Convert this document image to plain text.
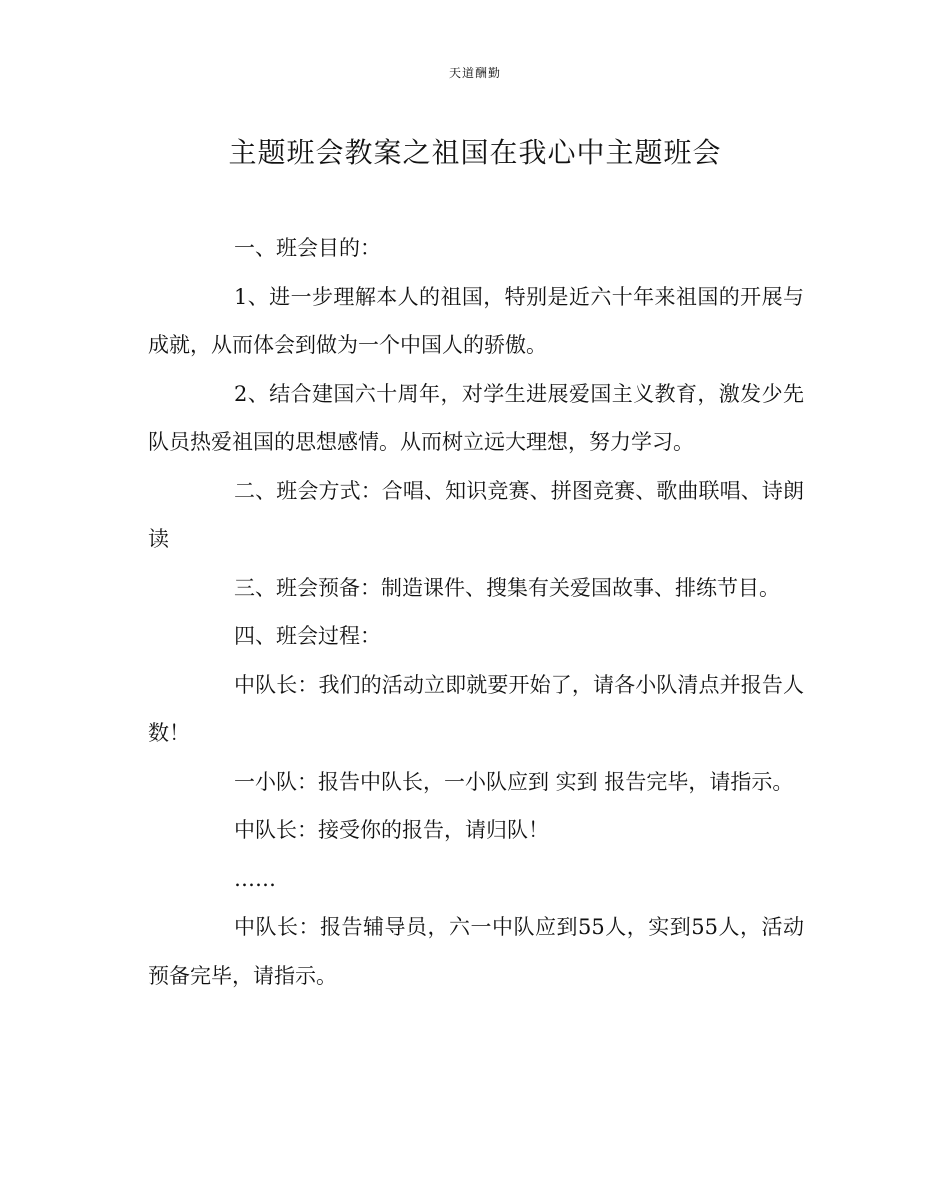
天道酬勤
主题班会教案之祖国在我心中主题班会

一、班会目的：

1、进一步理解本人的祖国，特别是近六十年来祖国的开展与成就，从而体会到做为一个中国人的骄傲。

2、结合建国六十周年，对学生进展爱国主义教育，激发少先队员热爱祖国的思想感情。从而树立远大理想，努力学习。

二、班会方式：合唱、知识竞赛、拼图竞赛、歌曲联唱、诗朗读

三、班会预备：制造课件、搜集有关爱国故事、排练节目。

四、班会过程：

中队长：我们的活动立即就要开始了，请各小队清点并报告人数！

一小队：报告中队长，一小队应到 实到 报告完毕，请指示。

中队长：接受你的报告，请归队！

……

中队长：报告辅导员，六一中队应到55人，实到55人，活动预备完毕，请指示。
